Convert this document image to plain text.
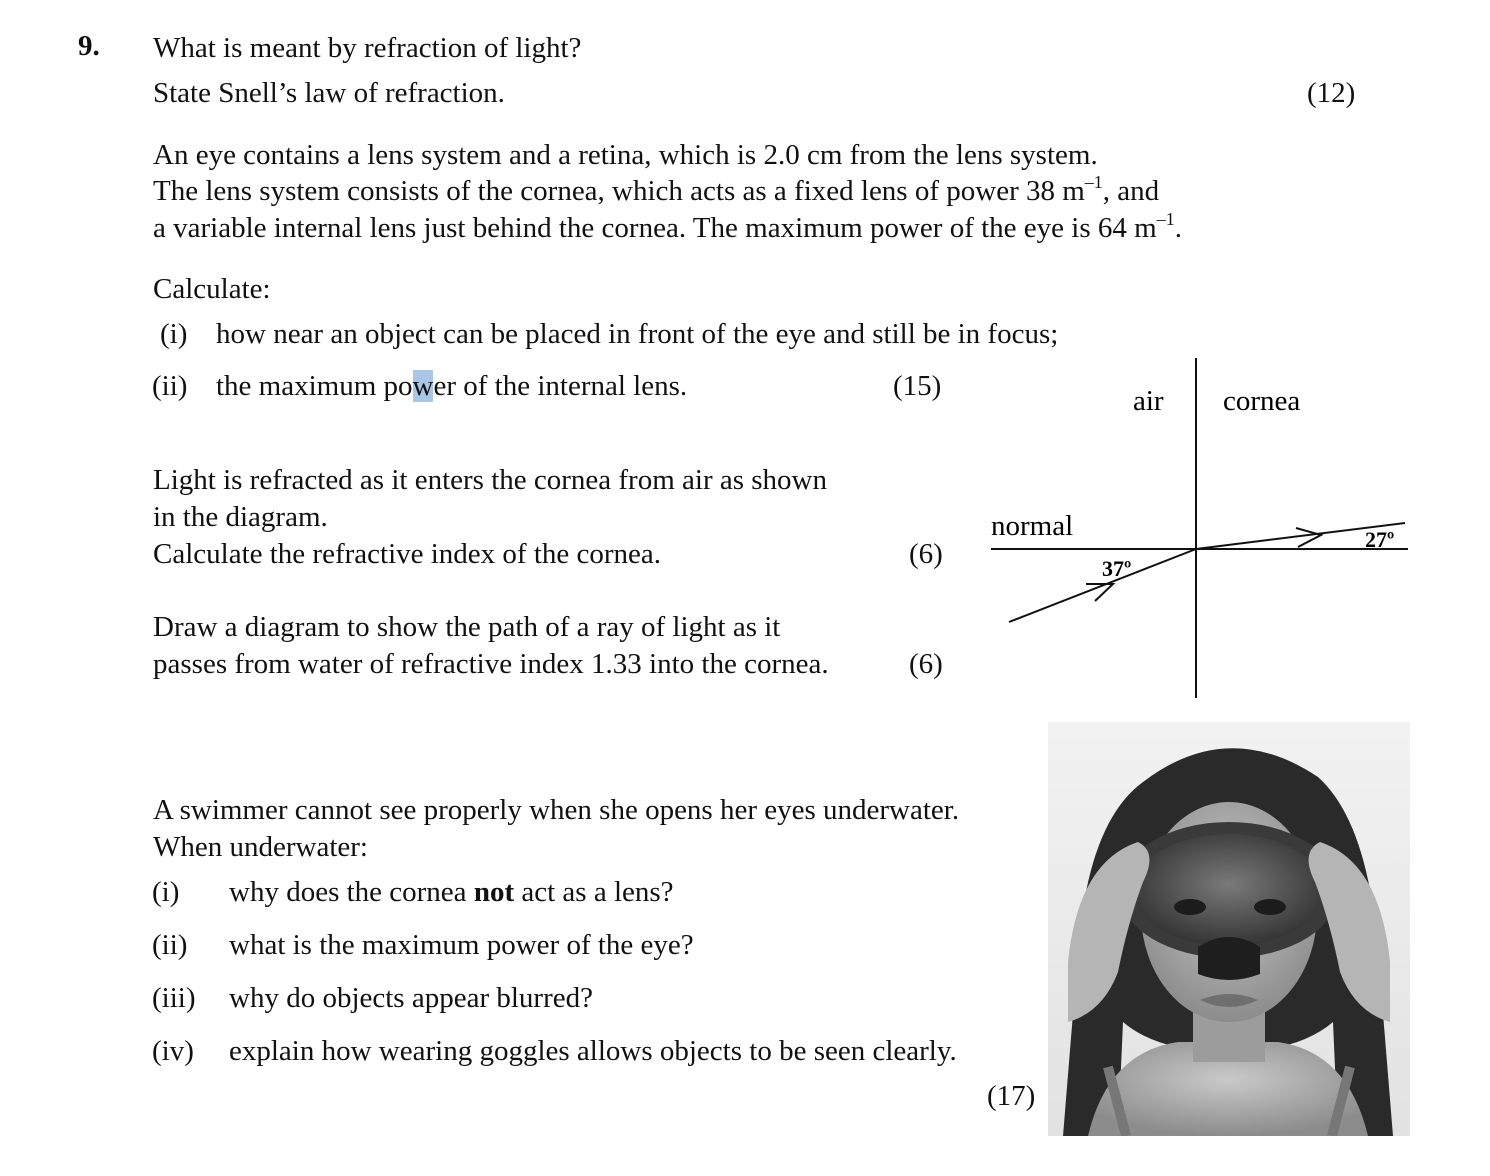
9. What is meant by refraction of light?
State Snell’s law of refraction.	(12)
An eye contains a lens system and a retina, which is 2.0 cm from the lens system.
The lens system consists of the cornea, which acts as a fixed lens of power 38 $m^{-1}$, and
a variable internal lens just behind the cornea. The maximum power of the eye is 64 $m^{-1}$.
Calculate:
(i) how near an object can be placed in front of the eye and still be in focus;
(ii) the maximum power of the internal lens.	(15)
Light is refracted as it enters the cornea from air as shown
in the diagram.
Calculate the refractive index of the cornea.	(6)
Draw a diagram to show the path of a ray of light as it
passes from water of refractive index 1.33 into the cornea.	(6)
A swimmer cannot see properly when she opens her eyes underwater.
When underwater:
(i) why does the cornea not act as a lens?
(ii) what is the maximum power of the eye?
(iii) why do objects appear blurred?
(iv) explain how wearing goggles allows objects to be seen clearly.
(17)
air cornea
normal
37º
27º
